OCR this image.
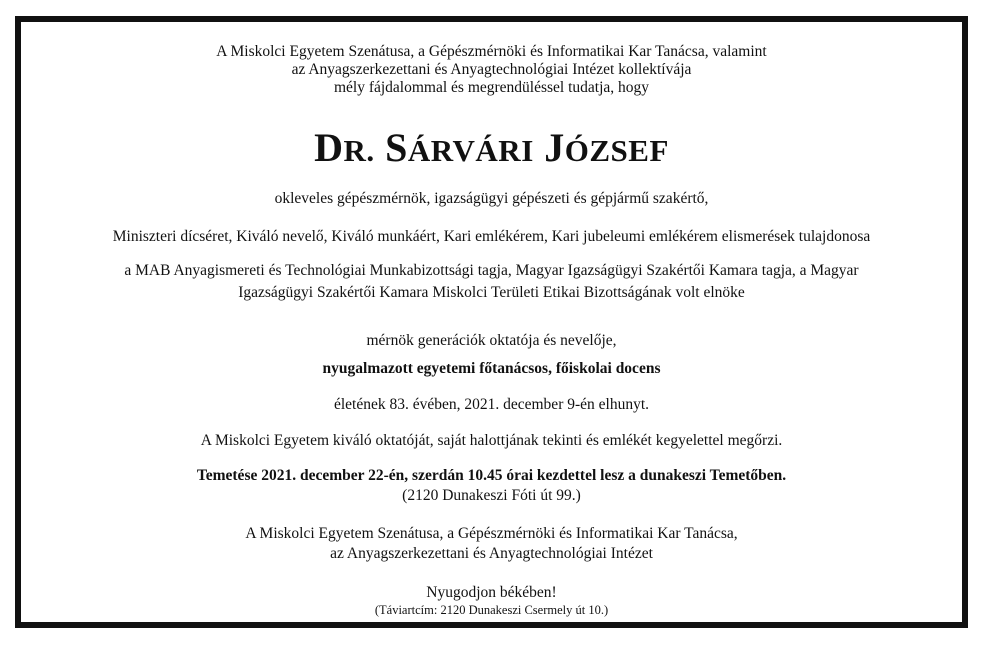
A Miskolci Egyetem Szenátusa, a Gépészmérnöki és Informatikai Kar Tanácsa, valamint
az Anyagszerkezettani és Anyagtechnológiai Intézet kollektívája
mély fájdalommal és megrendüléssel tudatja, hogy
DR. SÁRVÁRI JÓZSEF
okleveles gépészmérnök, igazságügyi gépészeti és gépjármű szakértő,
Miniszteri dícséret, Kiváló nevelő, Kiváló munkáért, Kari emlékérem, Kari jubeleumi emlékérem elismerések tulajdonosa
a MAB Anyagismereti és Technológiai Munkabizottsági tagja, Magyar Igazságügyi Szakértői Kamara tagja, a Magyar
Igazságügyi Szakértői Kamara Miskolci Területi Etikai Bizottságának volt elnöke
mérnök generációk oktatója és nevelője,
nyugalmazott egyetemi főtanácsos, főiskolai docens
életének 83. évében, 2021. december 9-én elhunyt.
A Miskolci Egyetem kiváló oktatóját, saját halottjának tekinti és emlékét kegyelettel megőrzi.
Temetése 2021. december 22-én, szerdán 10.45 órai kezdettel lesz a dunakeszi Temetőben.
(2120 Dunakeszi Fóti út 99.)
A Miskolci Egyetem Szenátusa, a Gépészmérnöki és Informatikai Kar Tanácsa,
az Anyagszerkezettani és Anyagtechnológiai Intézet
Nyugodjon békében!
(Táviartcím: 2120 Dunakeszi Csermely út 10.)
